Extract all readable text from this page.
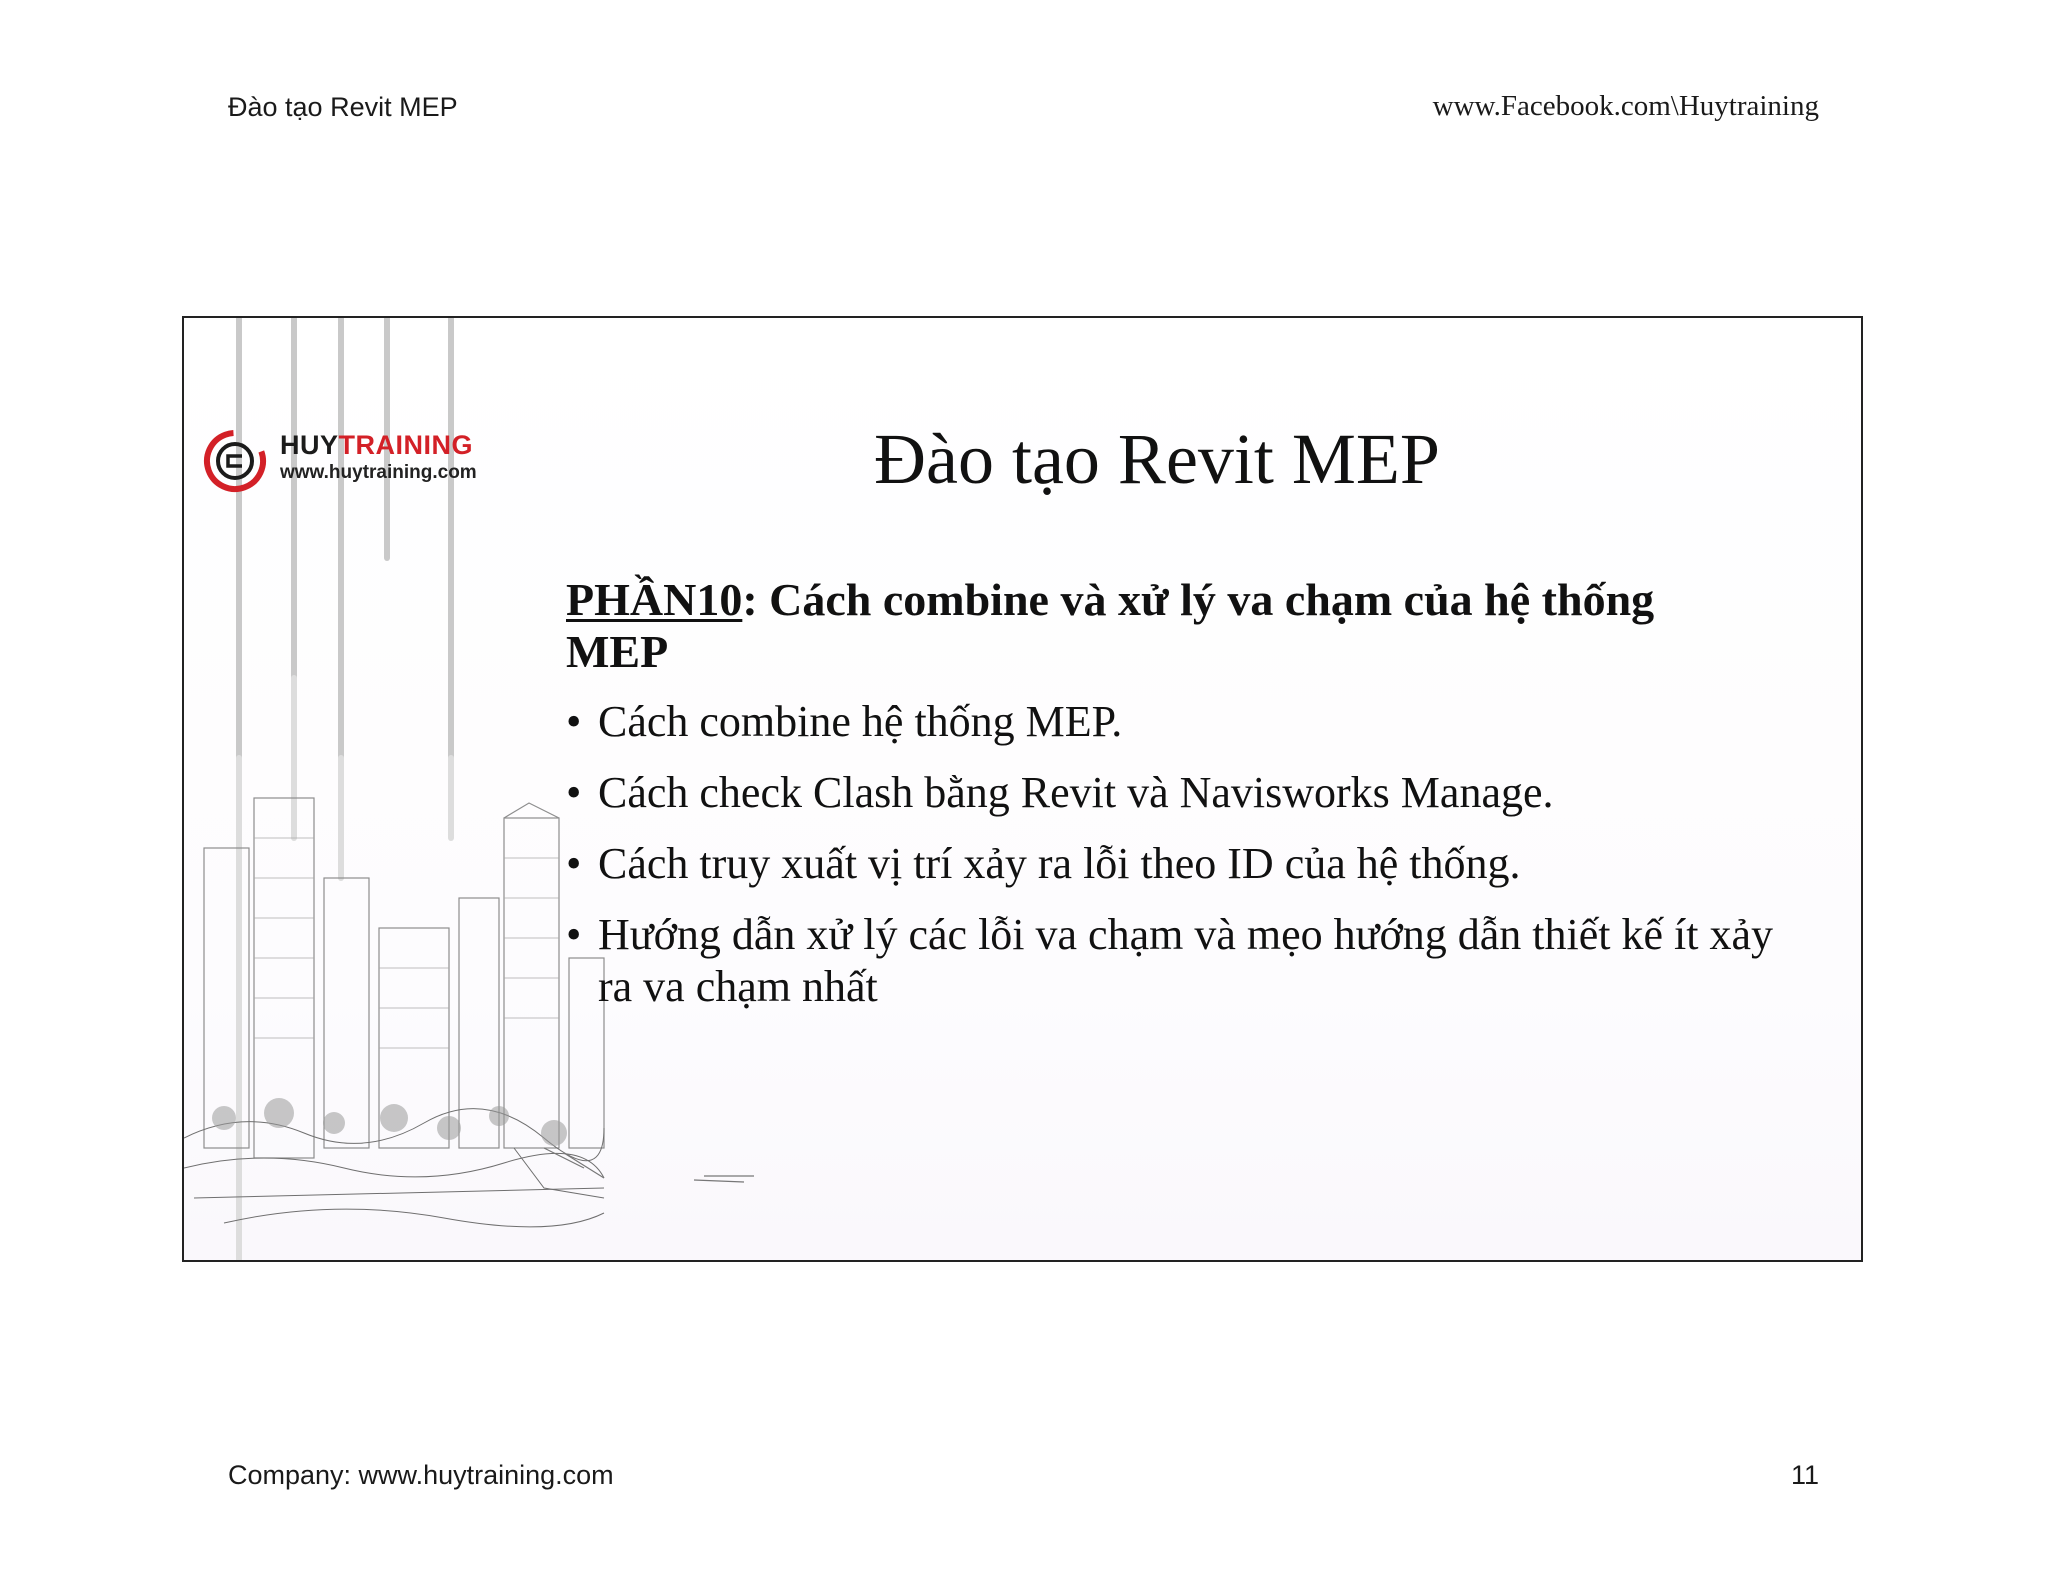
Đào tạo Revit MEP	www.Facebook.com\Huytraining
HUYTRAINING
www.huytraining.com	Đào tạo Revit MEP
PHẦN10: Cách combine và xử lý va chạm của hệ thống MEP
• Cách combine hệ thống MEP.
• Cách check Clash bằng Revit và Navisworks Manage.
• Cách truy xuất vị trí xảy ra lỗi theo ID của hệ thống.
• Hướng dẫn xử lý các lỗi va chạm và mẹo hướng dẫn thiết kế ít xảy ra va chạm nhất
Company: www.huytraining.com	11
